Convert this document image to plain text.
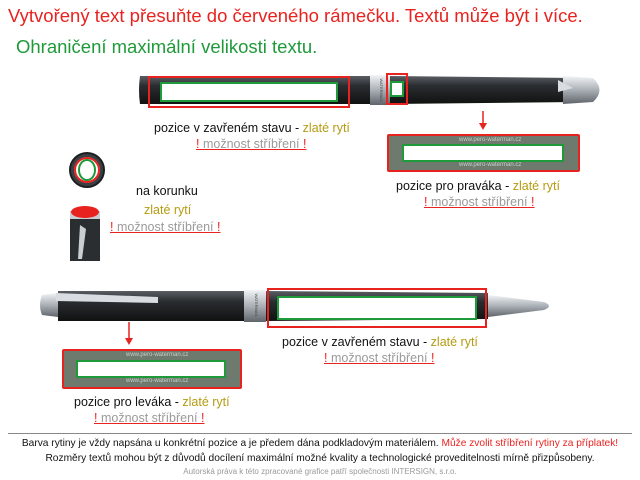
Vytvořený text přesuňte do červeného rámečku. Textů může být i více.
Ohraničení maximální velikosti textu.
WATERMAN
www.pero-waterman.cz
www.pero-waterman.cz
pozice v zavřeném stavu - zlaté rytí
! možnost stříbření !
pozice pro praváka - zlaté rytí
! možnost stříbření !
na korunku
zlaté rytí
! možnost stříbření !
WATERMAN
www.pero-waterman.cz
www.pero-waterman.cz
pozice v zavřeném stavu - zlaté rytí
! možnost stříbření !
pozice pro leváka - zlaté rytí
! možnost stříbření !
Barva rytiny je vždy napsána u konkrétní pozice a je předem dána podkladovým materiálem. Může zvolit stříbření rytiny za příplatek!
Rozměry textů mohou být z důvodů docílení maximální možné kvality a technologické proveditelnosti mírně přizpůsobeny.
Autorská práva k této zpracované grafice patří společnosti INTERSIGN, s.r.o.
